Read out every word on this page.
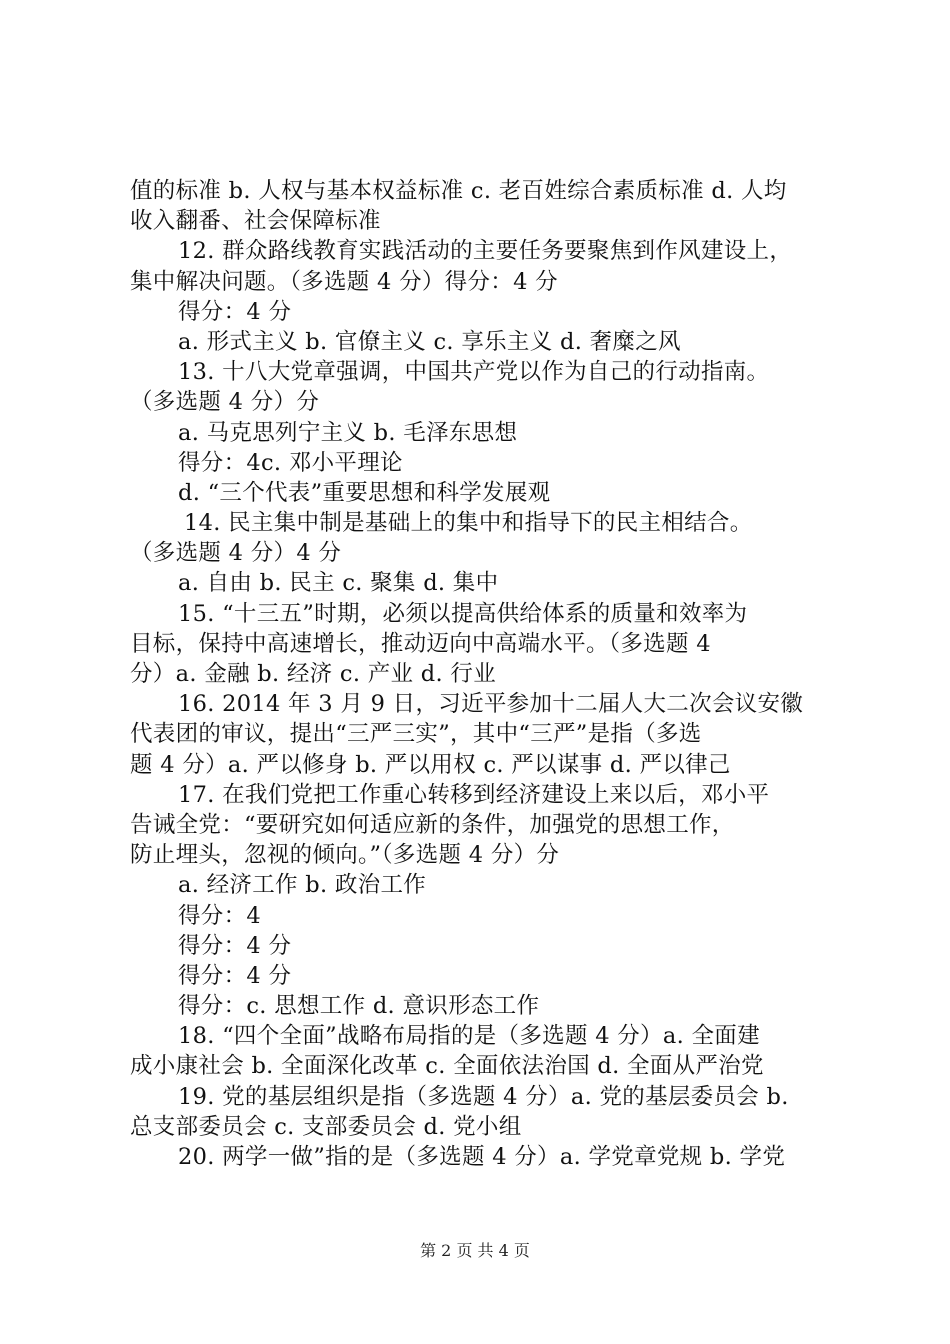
值的标准 b. 人权与基本权益标准 c. 老百姓综合素质标准 d. 人均
收入翻番、社会保障标准
12. 群众路线教育实践活动的主要任务要聚焦到作风建设上，
集中解决问题。（多选题 4 分）得分：4 分
得分：4 分
a. 形式主义 b. 官僚主义 c. 享乐主义 d. 奢糜之风
13. 十八大党章强调，中国共产党以作为自己的行动指南。
（多选题 4 分）分
a. 马克思列宁主义 b. 毛泽东思想
得分：4c. 邓小平理论
d. “三个代表”重要思想和科学发展观
14. 民主集中制是基础上的集中和指导下的民主相结合。
（多选题 4 分）4 分
a. 自由 b. 民主 c. 聚集 d. 集中
15. “十三五”时期，必须以提高供给体系的质量和效率为
目标，保持中高速增长，推动迈向中高端水平。（多选题 4
分）a. 金融 b. 经济 c. 产业 d. 行业
16. 2014 年 3 月 9 日，习近平参加十二届人大二次会议安徽
代表团的审议，提出“三严三实”，其中“三严”是指（多选
题 4 分）a. 严以修身 b. 严以用权 c. 严以谋事 d. 严以律己
17. 在我们党把工作重心转移到经济建设上来以后，邓小平
告诫全党：“要研究如何适应新的条件，加强党的思想工作，
防止埋头，忽视的倾向。”（多选题 4 分）分
a. 经济工作 b. 政治工作
得分：4
得分：4 分
得分：4 分
得分：c. 思想工作 d. 意识形态工作
18. “四个全面”战略布局指的是（多选题 4 分）a. 全面建
成小康社会 b. 全面深化改革 c. 全面依法治国 d. 全面从严治党
19. 党的基层组织是指（多选题 4 分）a. 党的基层委员会 b.
总支部委员会 c. 支部委员会 d. 党小组
20. 两学一做”指的是（多选题 4 分）a. 学党章党规 b. 学党
第 2 页 共 4 页
